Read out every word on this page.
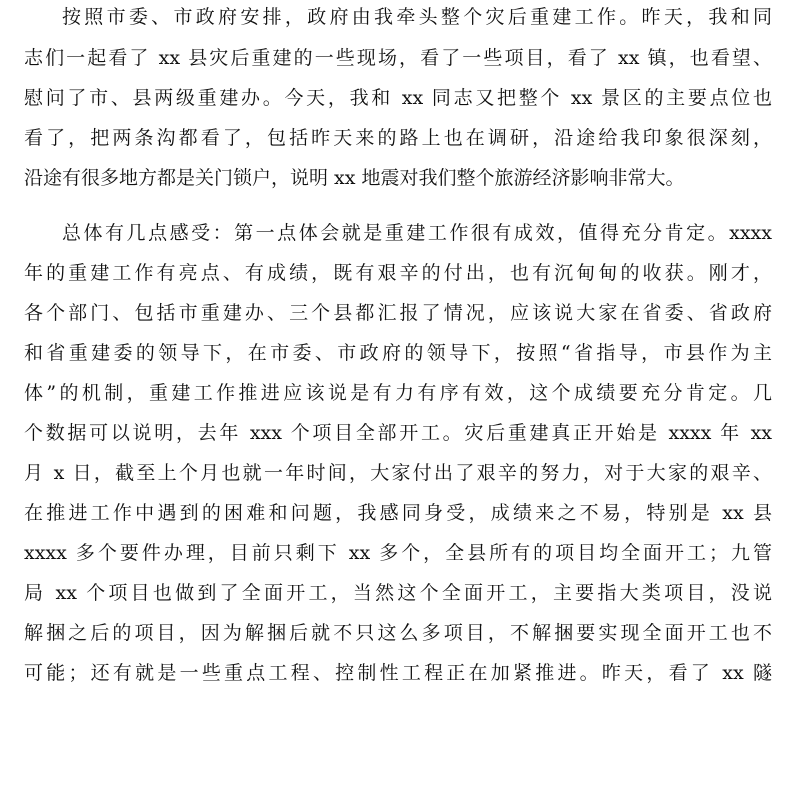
按照市委、市政府安排，政府由我牵头整个灾后重建工作。昨天，我和同
志们一起看了 xx 县灾后重建的一些现场，看了一些项目，看了 xx 镇，也看望、
慰问了市、县两级重建办。今天，我和 xx 同志又把整个 xx 景区的主要点位也
看了，把两条沟都看了，包括昨天来的路上也在调研，沿途给我印象很深刻，
沿途有很多地方都是关门锁户，说明 xx 地震对我们整个旅游经济影响非常大。
总体有几点感受：第一点体会就是重建工作很有成效，值得充分肯定。xxxx
年的重建工作有亮点、有成绩，既有艰辛的付出，也有沉甸甸的收获。刚才，
各个部门、包括市重建办、三个县都汇报了情况，应该说大家在省委、省政府
和省重建委的领导下，在市委、市政府的领导下，按照“省指导，市县作为主
体”的机制，重建工作推进应该说是有力有序有效，这个成绩要充分肯定。几
个数据可以说明，去年 xxx 个项目全部开工。灾后重建真正开始是 xxxx 年 xx
月 x 日，截至上个月也就一年时间，大家付出了艰辛的努力，对于大家的艰辛、
在推进工作中遇到的困难和问题，我感同身受，成绩来之不易，特别是 xx 县
xxxx 多个要件办理，目前只剩下 xx 多个，全县所有的项目均全面开工；九管
局 xx 个项目也做到了全面开工，当然这个全面开工，主要指大类项目，没说
解捆之后的项目，因为解捆后就不只这么多项目，不解捆要实现全面开工也不
可能；还有就是一些重点工程、控制性工程正在加紧推进。昨天，看了 xx 隧
